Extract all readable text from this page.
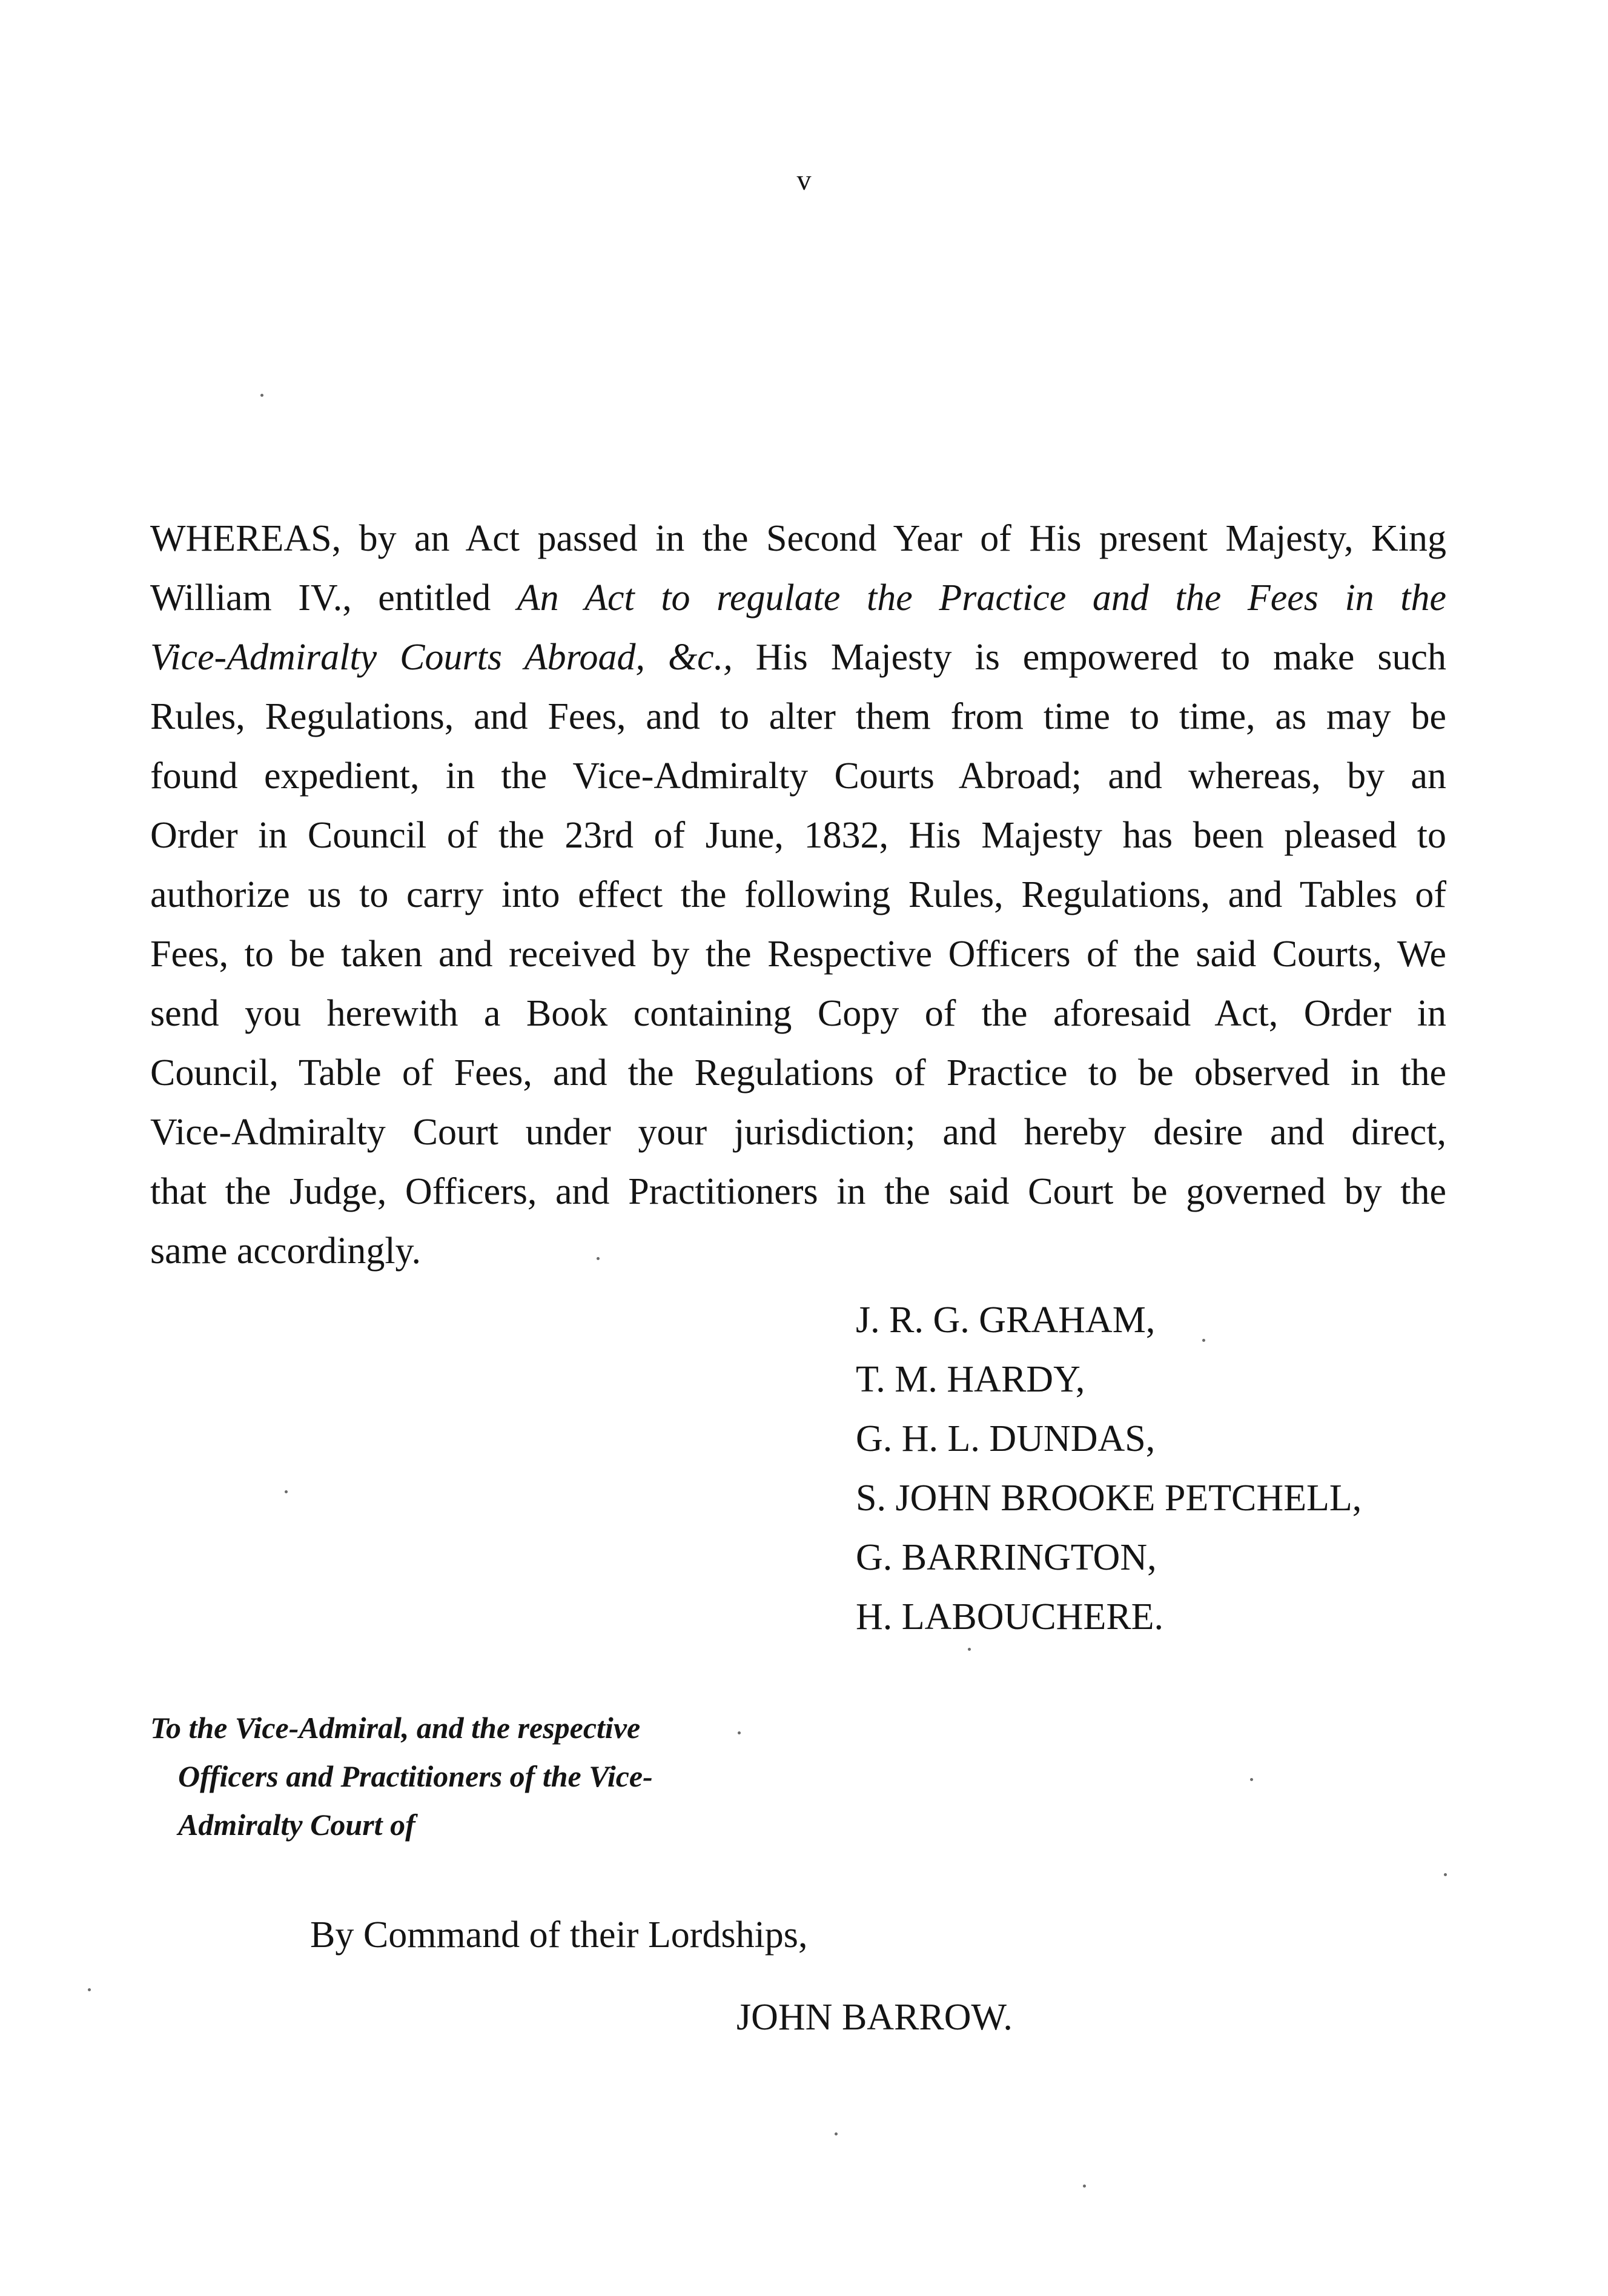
v
WHEREAS, by an Act passed in the Second Year of His present Majesty, King
William IV., entitled An Act to regulate the Practice and the Fees in the
Vice-Admiralty Courts Abroad, &c., His Majesty is empowered to make such
Rules, Regulations, and Fees, and to alter them from time to time, as may be
found expedient, in the Vice-Admiralty Courts Abroad; and whereas, by an
Order in Council of the 23rd of June, 1832, His Majesty has been pleased to
authorize us to carry into effect the following Rules, Regulations, and Tables of
Fees, to be taken and received by the Respective Officers of the said Courts, We
send you herewith a Book containing Copy of the aforesaid Act, Order in
Council, Table of Fees, and the Regulations of Practice to be observed in the
Vice-Admiralty Court under your jurisdiction; and hereby desire and direct,
that the Judge, Officers, and Practitioners in the said Court be governed by the
same accordingly.
J. R. G. GRAHAM,
T. M. HARDY,
G. H. L. DUNDAS,
S. JOHN BROOKE PETCHELL,
G. BARRINGTON,
H. LABOUCHERE.
To the Vice-Admiral, and the respective
Officers and Practitioners of the Vice-
Admiralty Court of
By Command of their Lordships,
JOHN BARROW.
